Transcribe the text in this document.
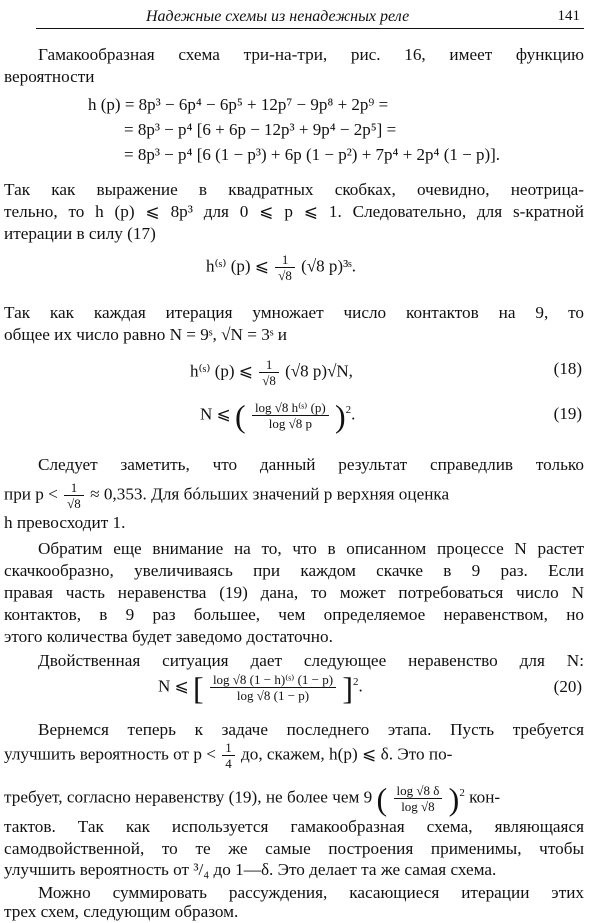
Надежные схемы из ненадежных реле	141
Гамакообразная схема три-на-три, рис. 16, имеет функцию
вероятности
h (p) = 8p³ − 6p⁴ − 6p⁵ + 12p⁷ − 9p⁸ + 2p⁹ =
= 8p³ − p⁴ [6 + 6p − 12p³ + 9p⁴ − 2p⁵] =
= 8p³ − p⁴ [6 (1 − p³) + 6p (1 − p²) + 7p⁴ + 2p⁴ (1 − p)].
Так как выражение в квадратных скобках, очевидно, неотрица-
тельно, то h (p) ⩽ 8p³ для 0 ⩽ p ⩽ 1. Следовательно, для s-кратной
итерации в силу (17)
h⁽ˢ⁾ (p) ⩽ $\frac{1}{√8} (√8$ p)³ˢ.
Так как каждая итерация умножает число контактов на 9, то
общее их число равно N = 9ˢ, √N = 3ˢ и
h⁽ˢ⁾ (p) ⩽ $\frac{1}{√8} (√8$ p)√N,	(18)
N ⩽ ( $\frac{\text{log √8 h⁽ˢ⁾ (p)}}{\log √8 p} )^2$.	(19)
Следует заметить, что данный результат справедлив только
при $p < \frac{1}{√8} \approx 0,353$. Для бóльших значений p верхняя оценка
h превосходит 1.
Обратим еще внимание на то, что в описанном процессе N растет
скачкообразно, увеличиваясь при каждом скачке в 9 раз. Если
правая часть неравенства (19) дана, то может потребоваться число N
контактов, в 9 раз большее, чем определяемое неравенством, но
этого количества будет заведомо достаточно.
Двойственная ситуация дает следующее неравенство для N:
N ⩽ [ $\frac{\text{log √8 (1 − h)⁽ˢ⁾ (1 − p)}}{\log √8 (1 - p)} ]^2$.	(20)
Вернемся теперь к задаче последнего этапа. Пусть требуется
улучшить вероятность от $p < \frac{1}{4}$ до, скажем, h(p) ⩽ δ. Это по-
требует, согласно неравенству (19), не более чем 9 ( $\frac{\log √8 \delta}{\log √8} )^2$ кон-
тактов. Так как используется гамакообразная схема, являющаяся
самодвойственной, то те же самые построения применимы, чтобы
улучшить вероятность от ³/₄ до 1—δ. Это делает та же самая схема.
Можно суммировать рассуждения, касающиеся итерации этих
трех схем, следующим образом.
